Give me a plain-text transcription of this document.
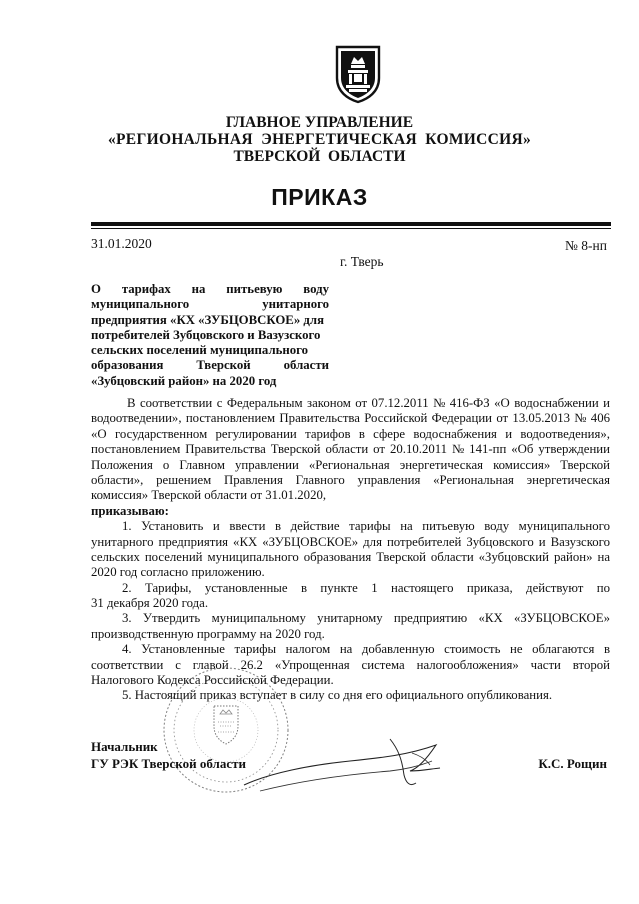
ГЛАВНОЕ УПРАВЛЕНИЕ
«РЕГИОНАЛЬНАЯ  ЭНЕРГЕТИЧЕСКАЯ  КОМИССИЯ»
ТВЕРСКОЙ  ОБЛАСТИ
ПРИКАЗ
31.01.2020	№ 8-нп
г. Тверь
О тарифах на питьевую воду
муниципального	унитарного
предприятия «КХ «ЗУБЦОВСКОЕ» для
потребителей Зубцовского и Вазузского
сельских поселений муниципального
образования	Тверской	области
«Зубцовский район» на 2020 год
В соответствии с Федеральным законом от 07.12.2011 № 416-ФЗ «О водоснабжении и
водоотведении», постановлением Правительства Российской Федерации от 13.05.2013 № 406
«О государственном регулировании тарифов в сфере водоснабжения и водоотведения»,
постановлением Правительства Тверской области от 20.10.2011 № 141-пп «Об утверждении
Положения о Главном управлении «Региональная энергетическая комиссия» Тверской
области», решением Правления Главного управления «Региональная энергетическая
комиссия» Тверской области от 31.01.2020,
приказываю:
1. Установить и ввести в действие тарифы на питьевую воду муниципального
унитарного предприятия «КХ «ЗУБЦОВСКОЕ» для потребителей Зубцовского и Вазузского
сельских поселений муниципального образования Тверской области «Зубцовский район» на
2020 год согласно приложению.
2. Тарифы, установленные в пункте 1 настоящего приказа, действуют по
31 декабря 2020 года.
3. Утвердить муниципальному унитарному предприятию «КХ «ЗУБЦОВСКОЕ»
производственную программу на 2020 год.
4. Установленные тарифы налогом на добавленную стоимость не облагаются в
соответствии с главой 26.2 «Упрощенная система налогообложения» части второй
Налогового Кодекса Российской Федерации.
5. Настоящий приказ вступает в силу со дня его официального опубликования.
Начальник
ГУ РЭК Тверской области	К.С. Рощин
